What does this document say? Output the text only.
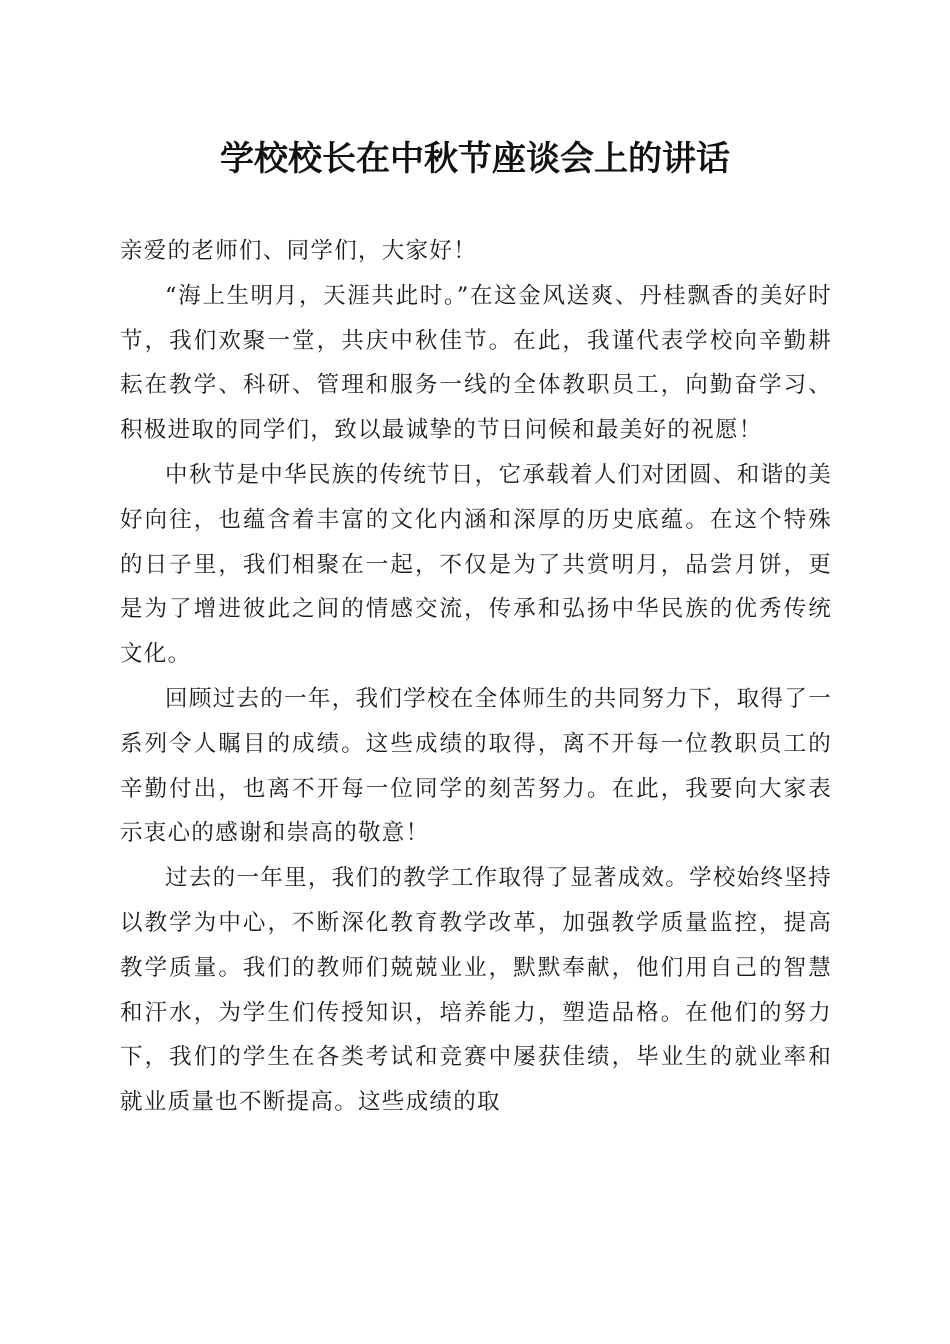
学校校长在中秋节座谈会上的讲话

亲爱的老师们、同学们，大家好！

“海上生明月，天涯共此时。”在这金风送爽、丹桂飘香的美好时节，我们欢聚一堂，共庆中秋佳节。在此，我谨代表学校向辛勤耕耘在教学、科研、管理和服务一线的全体教职员工，向勤奋学习、积极进取的同学们，致以最诚挚的节日问候和最美好的祝愿！

中秋节是中华民族的传统节日，它承载着人们对团圆、和谐的美好向往，也蕴含着丰富的文化内涵和深厚的历史底蕴。在这个特殊的日子里，我们相聚在一起，不仅是为了共赏明月，品尝月饼，更是为了增进彼此之间的情感交流，传承和弘扬中华民族的优秀传统文化。

回顾过去的一年，我们学校在全体师生的共同努力下，取得了一系列令人瞩目的成绩。这些成绩的取得，离不开每一位教职员工的辛勤付出，也离不开每一位同学的刻苦努力。在此，我要向大家表示衷心的感谢和崇高的敬意！

过去的一年里，我们的教学工作取得了显著成效。学校始终坚持以教学为中心，不断深化教育教学改革，加强教学质量监控，提高教学质量。我们的教师们兢兢业业，默默奉献，他们用自己的智慧和汗水，为学生们传授知识，培养能力，塑造品格。在他们的努力下，我们的学生在各类考试和竞赛中屡获佳绩，毕业生的就业率和就业质量也不断提高。这些成绩的取
